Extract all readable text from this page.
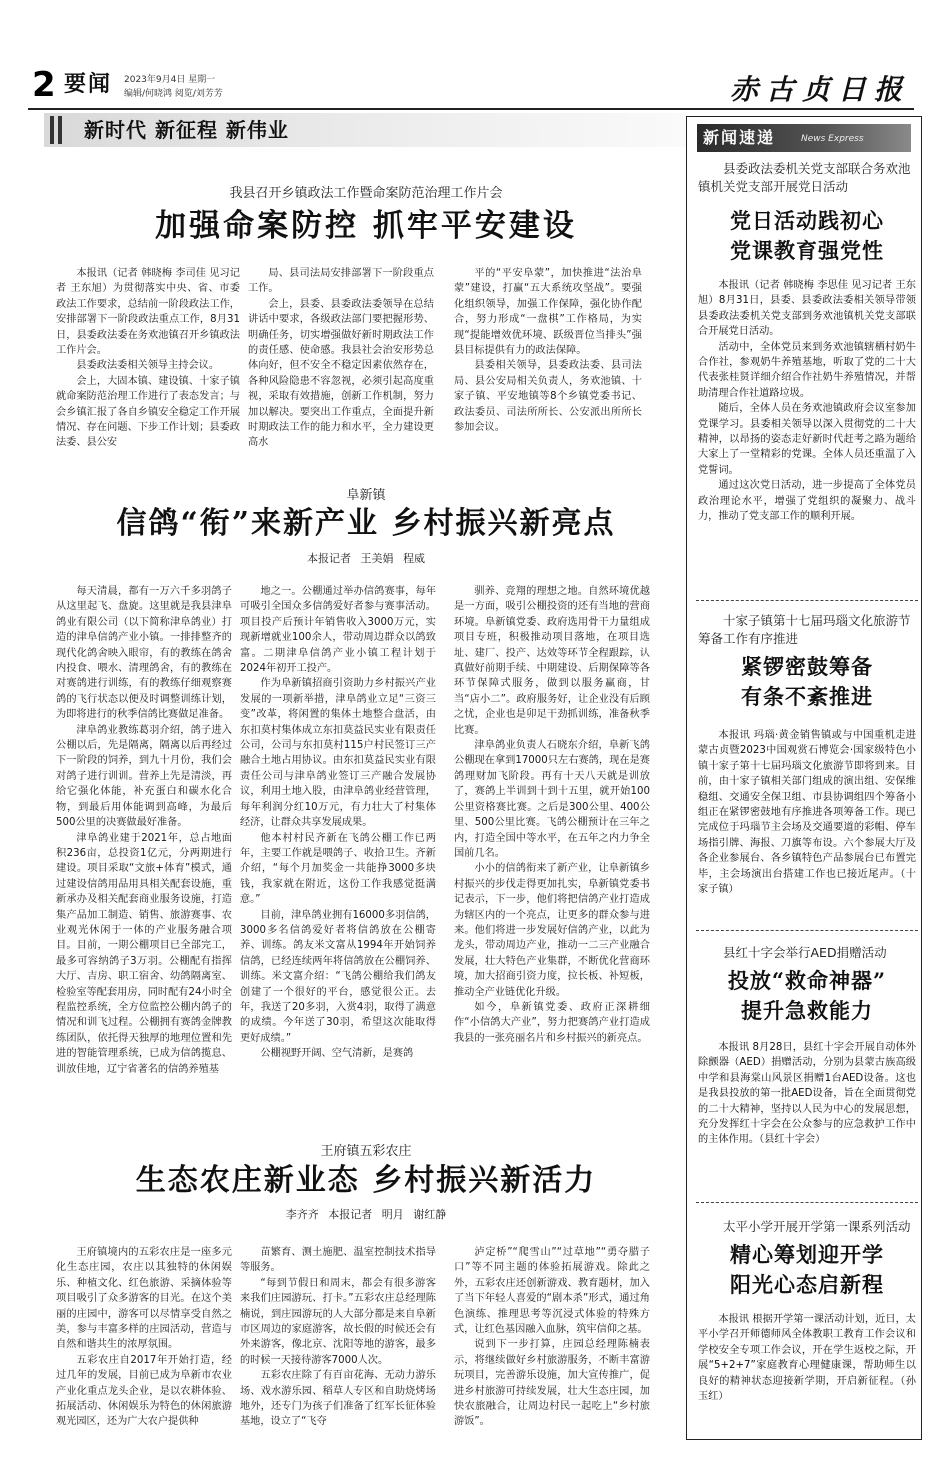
2 要闻 2023年9月4日 星期一
编辑/何晓鸿 阅览/刘芳芳	赤古贞日报
新时代 新征程 新伟业
我县召开乡镇政法工作暨命案防范治理工作片会
加强命案防控 抓牢平安建设

本报讯（记者 韩晓梅 李司佳 见习记者 王东旭）为贯彻落实中央、省、市委政法工作要求，总结前一阶段政法工作，安排部署下一阶段政法重点工作，8月31日，县委政法委在务欢池镇召开乡镇政法工作片会。

县委政法委相关领导主持会议。

会上，大固本镇、建设镇、十家子镇就命案防范治理工作进行了表态发言；与会乡镇汇报了各自乡镇安全稳定工作开展情况、存在问题、下步工作计划；县委政法委、县公安

局、县司法局安排部署下一阶段重点工作。

会上，县委、县委政法委领导在总结讲话中要求，各级政法部门要把握形势、明确任务，切实增强做好新时期政法工作的责任感、使命感。我县社会治安形势总体向好，但不安全不稳定因素依然存在，各种风险隐患不容忽视，必须引起高度重视，采取有效措施，创新工作机制，努力加以解决。要突出工作重点，全面提升新时期政法工作的能力和水平，全力建设更高水

平的“平安阜蒙”，加快推进“法治阜蒙”建设，打赢“五大系统攻坚战”。要强化组织领导，加强工作保障，强化协作配合，努力形成“一盘棋”工作格局，为实现“提能增效优环境、跃级晋位当排头”强县目标提供有力的政法保障。

县委相关领导，县委政法委、县司法局、县公安局相关负责人，务欢池镇、十家子镇、平安地镇等8个乡镇党委书记、政法委员、司法所所长、公安派出所所长参加会议。

阜新镇
信鸽“衔”来新产业 乡村振兴新亮点
本报记者 王美娟 程威

每天清晨，都有一万六千多羽鸽子从这里起飞、盘旋。这里就是我县津阜鸽业有限公司（以下简称津阜鸽业）打造的津阜信鸽产业小镇。一排排整齐的现代化鸽舍映入眼帘，有的教练在鸽舍内投食、喂水、清理鸽舍，有的教练在对赛鸽进行训练，有的教练仔细观察赛鸽的飞行状态以便及时调整训练计划，为即将进行的秋季信鸽比赛做足准备。

津阜鸽业教练葛羽介绍，鸽子进入公棚以后，先是隔离，隔离以后再经过下一阶段的饲养，到九十月份，我们会对鸽子进行训训。营养上先是清淡，再给它强化体能，补充蛋白和碳水化合物，到最后用体能调到高峰，为最后500公里的决赛做最好准备。

津阜鸽业建于2021年，总占地面积236亩，总投资1亿元，分两期进行建设。项目采取“文旅+体育”模式，通过建设信鸽用品用具相关配套设施，重新承办及相关配套商业服务设施，打造集产品加工制造、销售、旅游赛事、农业观光休闲于一体的产业服务融合项目。目前，一期公棚项目已全部完工，最多可容纳鸽子3万羽。公棚配有指挥大厅、吉房、职工宿舍、幼鸽隔离室、检验室等配套用房，同时配有24小时全程监控系统，全方位监控公棚内鸽子的情况和训飞过程。公棚拥有赛鸽金牌教练团队，依托得天独厚的地理位置和先进的智能管理系统，已成为信鸽揽息、训放佳地，辽宁省著名的信鸽养殖基

地之一。公棚通过举办信鸽赛事，每年可吸引全国众多信鸽爱好者参与赛事活动。项目投产后预计年销售收入3000万元，实现新增就业100余人，带动周边群众以鸽致富。二期津阜信鸽产业小镇工程计划于2024年初开工投产。

作为阜新镇招商引资助力乡村振兴产业发展的一项新举措，津阜鸽业立足“三资三变”改革，将闲置的集体土地整合盘活，由东扣莫村集体成立东扣莫益民实业有限责任公司，公司与东扣莫村115户村民签订三产融合土地占用协议。由东扣莫益民实业有限责任公司与津阜鸽业签订三产融合发展协议，利用土地入股，由津阜鸽业经营管理，每年利润分红10万元，有力壮大了村集体经济，让群众共享发展成果。

他本村村民齐新在飞鸽公棚工作已两年，主要工作就是喂鸽子、收拾卫生。齐新介绍，“每个月加奖金一共能挣3000多块钱，我家就在附近，这份工作我感觉挺满意。”

目前，津阜鸽业拥有16000多羽信鸽，3000多名信鸽爱好者将信鸽放在公棚寄养、训练。鸽友米文富从1994年开始饲养信鸽，已经连续两年将信鸽放在公棚饲养、训练。米文富介绍：“飞鸽公棚给我们鸽友创建了一个很好的平台，感觉很公正。去年，我送了20多羽，入赏4羽，取得了满意的成绩。今年送了30羽，希望这次能取得更好成绩。”

公棚视野开阔、空气清新，是赛鸽

驯养、竞翔的理想之地。自然环境优越是一方面，吸引公棚投资的还有当地的营商环境。阜新镇党委、政府选用骨干力量组成项目专班，积极推动项目落地，在项目选址、建厂、投产、达效等环节全程跟踪，认真做好前期手续、中期建设、后期保障等各环节保障式服务，做到以服务赢商，甘当“店小二”。政府服务好，让企业没有后顾之忧，企业也是卯足干劲抓训练，准备秋季比赛。

津阜鸽业负责人石晓东介绍，阜新飞鸽公棚现在拿到17000只左右赛鸽，现在是赛鸽理财加飞阶段。再有十天八天就是训放了，赛鸽上半训到十到十五里，就开始100公里资格赛比赛。之后是300公里、400公里、500公里比赛。飞鸽公棚预计在三年之内，打造全国中等水平，在五年之内力争全国前几名。

小小的信鸽衔来了新产业，让阜新镇乡村振兴的步伐走得更加扎实，阜新镇党委书记表示，下一步，他们将把信鸽产业打造成为辖区内的一个亮点，让更多的群众参与进来。他们将进一步发展好信鸽产业，以此为龙头，带动周边产业，推动一二三产业融合发展，壮大特色产业集群，不断优化营商环境，加大招商引资力度，拉长板、补短板，推动全产业链优化升级。

如今，阜新镇党委、政府正深耕细作“小信鸽大产业”，努力把赛鸽产业打造成我县的一张亮丽名片和乡村振兴的新亮点。

王府镇五彩农庄
生态农庄新业态 乡村振兴新活力
李齐齐 本报记者 明月 谢红静

王府镇境内的五彩农庄是一座多元化生态庄园，农庄以其独特的休闲娱乐、种植文化、红色旅游、采摘体验等项目吸引了众多游客的目光。在这个美丽的庄园中，游客可以尽情享受自然之美，参与丰富多样的庄园活动，营造与自然和谐共生的浓厚氛围。

五彩农庄自2017年开始打造，经过几年的发展，目前已成为阜新市农业产业化重点龙头企业，是以农耕体验、拓展活动、休闲娱乐为特色的休闲旅游观光园区，还为广大农户提供种

苗繁育、测土施肥、温室控制技术指导等服务。

“每到节假日和周末，都会有很多游客来我们庄园游玩、打卡。”五彩农庄总经理陈楠说，到庄园游玩的人大部分都是来自阜新市区周边的家庭游客，故长假的时候还会有外来游客，像北京、沈阳等地的游客，最多的时候一天接待游客7000人次。

五彩农庄除了有百亩花海、无动力游乐场、戏水游乐园、稻草人专区和自助烧烤场地外，还专门为孩子们准备了红军长征体验基地，设立了“飞夺

泸定桥”“爬雪山”“过草地”“勇夺腊子口”等不同主题的体验拓展游戏。除此之外，五彩农庄还创新游戏、教育题材，加入了当下年轻人喜爱的“剧本杀”形式，通过角色演练、推理思考等沉浸式体验的特殊方式，让红色基因融入血脉，筑牢信仰之基。

说到下一步打算，庄园总经理陈楠表示，将继续做好乡村旅游服务，不断丰富游玩项目，完善游乐设施，加大宣传推广，促进乡村旅游可持续发展，壮大生态庄园，加快农旅融合，让周边村民一起吃上“乡村旅游饭”。

新闻速递	News Express
县委政法委机关党支部联合务欢池镇机关党支部开展党日活动
党日活动践初心
党课教育强党性

本报讯（记者 韩晓梅 李思佳 见习记者 王东旭）8月31日，县委、县委政法委相关领导带领县委政法委机关党支部到务欢池镇机关党支部联合开展党日活动。

活动中，全体党员来到务欢池镇辖栖村奶牛合作社，参观奶牛养殖基地，听取了党的二十大代表张桂贤详细介绍合作社奶牛养殖情况，并帮助清理合作社道路垃圾。

随后，全体人员在务欢池镇政府会议室参加党课学习。县委相关领导以深入贯彻党的二十大精神，以昂扬的姿态走好新时代赶考之路为题给大家上了一堂精彩的党课。全体人员还重温了入党誓词。

通过这次党日活动，进一步提高了全体党员政治理论水平，增强了党组织的凝聚力、战斗力，推动了党支部工作的顺利开展。

十家子镇第十七届玛瑙文化旅游节筹备工作有序推进
紧锣密鼓筹备
有条不紊推进

本报讯 玛瑙·黄金销售镇或与中国重机走进蒙古贞暨2023中国观赏石博览会·国家级特色小镇十家子第十七届玛瑙文化旅游节即将到来。目前，由十家子镇相关部门组成的演出组、安保维稳组、交通安全保卫组、市县协调组四个筹备小组正在紧锣密鼓地有序推进各项筹备工作。现已完成位于玛瑙节主会场及交通要道的彩帽、停车场指引牌、海报、刀旗等布设。六个参展大厅及各企业参展台、各乡镇特色产品参展台已布置完毕，主会场演出台搭建工作也已接近尾声。（十家子镇）

县红十字会举行AED捐赠活动
投放“救命神器”
提升急救能力

本报讯 8月28日，县红十字会开展自动体外除颤器（AED）捐赠活动，分别为县蒙古族高级中学和县海棠山风景区捐赠1台AED设备。这也是我县投放的第一批AED设备，旨在全面贯彻党的二十大精神，坚持以人民为中心的发展思想，充分发挥红十字会在公众参与的应急救护工作中的主体作用。（县红十字会）

太平小学开展开学第一课系列活动
精心筹划迎开学
阳光心态启新程

本报讯 根据开学第一课活动计划，近日，太平小学召开师德师风全体教职工教育工作会议和学校安全专项工作会议，开在学生返校之际，开展“5+2+7”家庭教育心理健康课，帮助师生以良好的精神状态迎接新学期，开启新征程。（孙玉红）
